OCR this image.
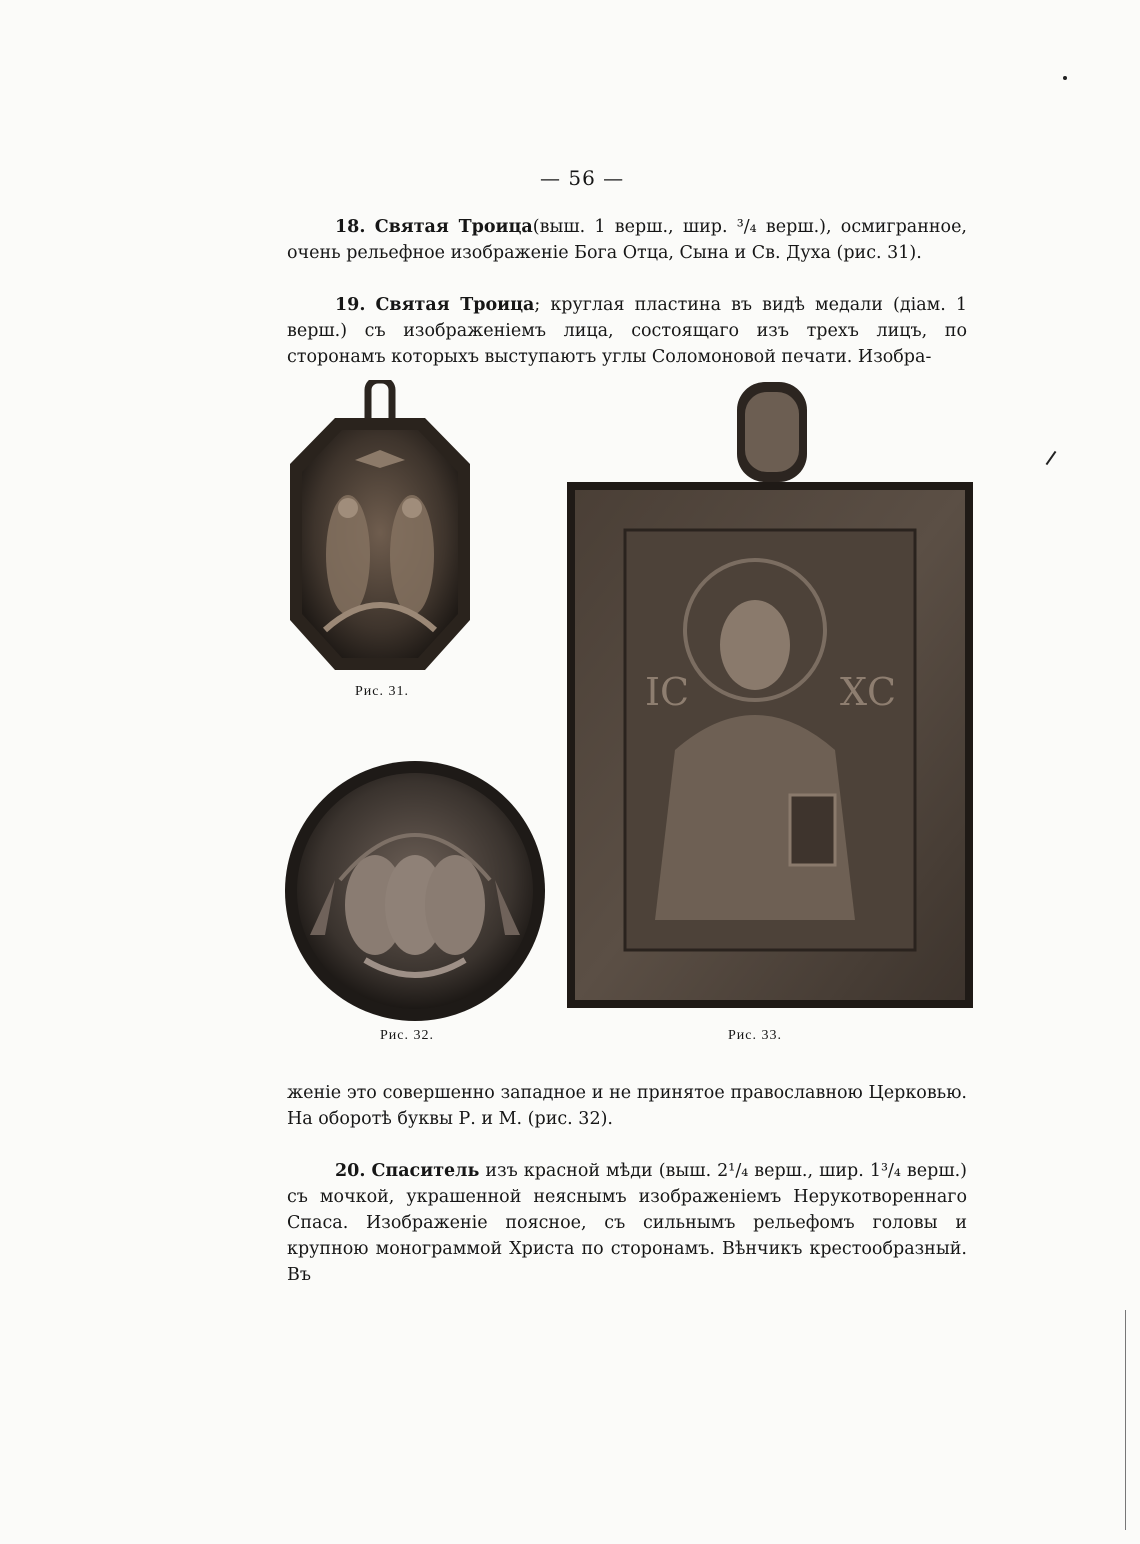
— 56 —
18. Святая Троица(выш. 1 верш., шир. ³/₄ верш.), осмигранное, очень рельефное изображеніе Бога Отца, Сына и Св. Духа (рис. 31).
19. Святая Троица; круглая пластина въ видѣ медали (діам. 1 верш.) съ изображеніемъ лица, состоящаго изъ трехъ лицъ, по сторонамъ которыхъ выступаютъ углы Соломоновой печати. Изобра-
Рис. 31.
Рис. 32.
ІС	ХС
Рис. 33.
женіе это совершенно западное и не принятое православною Церковью. На оборотѣ буквы Р. и М. (рис. 32).
20. Спаситель изъ красной мѣди (выш. 2¹/₄ верш., шир. 1³/₄ верш.) съ мочкой, украшенной неяснымъ изображеніемъ Нерукотвореннаго Спаса. Изображеніе поясное, съ сильнымъ рельефомъ головы и крупною монограммой Христа по сторонамъ. Вѣнчикъ крестообразный. Въ
